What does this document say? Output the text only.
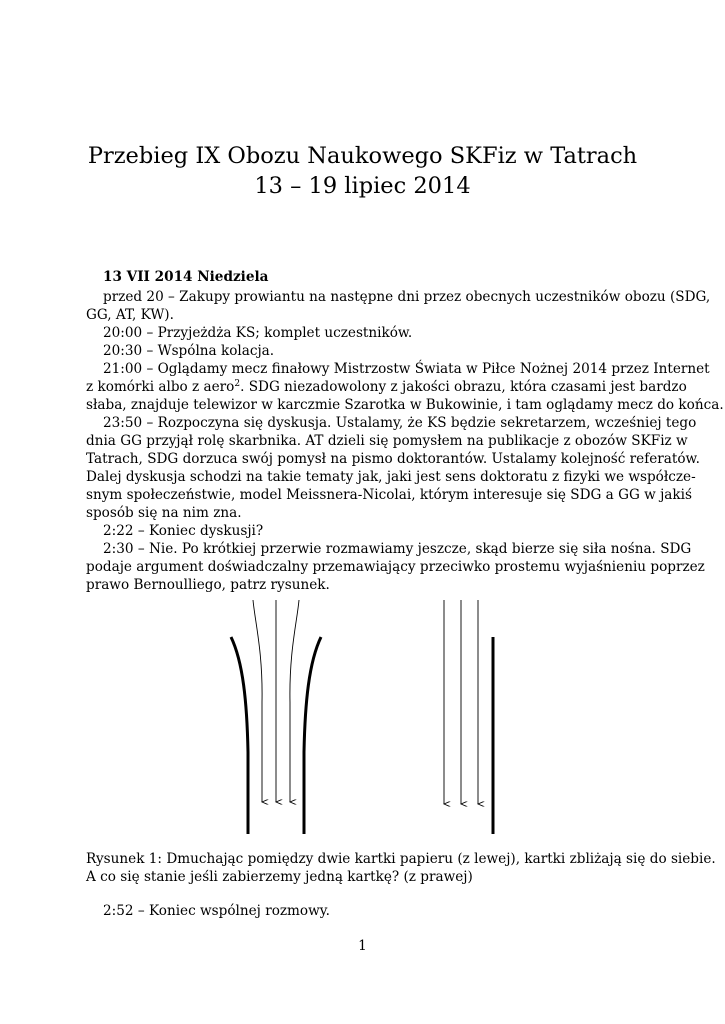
Przebieg IX Obozu Naukowego SKFiz w Tatrach
13 – 19 lipiec 2014
13 VII 2014 Niedziela
przed 20 – Zakupy prowiantu na następne dni przez obecnych uczestników obozu (SDG,
GG, AT, KW).
20:00 – Przyjeżdża KS; komplet uczestników.
20:30 – Wspólna kolacja.
21:00 – Oglądamy mecz finałowy Mistrzostw Świata w Piłce Nożnej 2014 przez Internet
z komórki albo z aero$^2$. SDG niezadowolony z jakości obrazu, która czasami jest bardzo
słaba, znajduje telewizor w karczmie Szarotka w Bukowinie, i tam oglądamy mecz do końca.
23:50 – Rozpoczyna się dyskusja. Ustalamy, że KS będzie sekretarzem, wcześniej tego
dnia GG przyjął rolę skarbnika. AT dzieli się pomysłem na publikacje z obozów SKFiz w
Tatrach, SDG dorzuca swój pomysł na pismo doktorantów. Ustalamy kolejność referatów.
Dalej dyskusja schodzi na takie tematy jak, jaki jest sens doktoratu z fizyki we współcze-
snym społeczeństwie, model Meissnera-Nicolai, którym interesuje się SDG a GG w jakiś
sposób się na nim zna.
2:22 – Koniec dyskusji?
2:30 – Nie. Po krótkiej przerwie rozmawiamy jeszcze, skąd bierze się siła nośna. SDG
podaje argument doświadczalny przemawiający przeciwko prostemu wyjaśnieniu poprzez
prawo Bernoulliego, patrz rysunek.
Rysunek 1: Dmuchając pomiędzy dwie kartki papieru (z lewej), kartki zbliżają się do siebie.
A co się stanie jeśli zabierzemy jedną kartkę? (z prawej)
2:52 – Koniec wspólnej rozmowy.
1
